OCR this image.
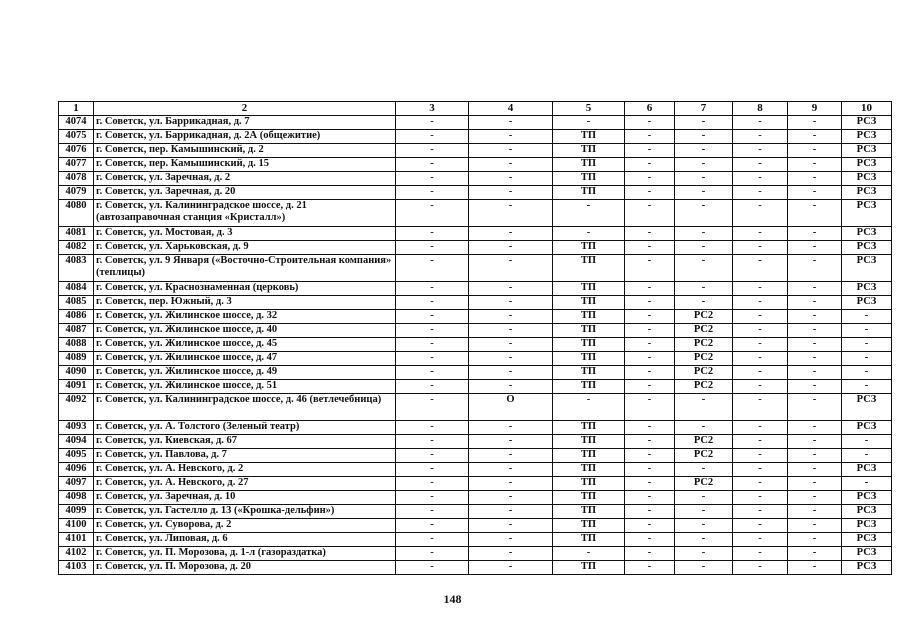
1	2	3	4	5	6	7	8	9	10
4074	г. Советск, ул. Баррикадная, д. 7	-	-	-	-	-	-	-	РСЗ
4075	г. Советск, ул. Баррикадная, д. 2А (общежитие)	-	-	ТП	-	-	-	-	РСЗ
4076	г. Советск, пер. Камышинский, д. 2	-	-	ТП	-	-	-	-	РСЗ
4077	г. Советск, пер. Камышинский, д. 15	-	-	ТП	-	-	-	-	РСЗ
4078	г. Советск, ул. Заречная, д. 2	-	-	ТП	-	-	-	-	РСЗ
4079	г. Советск, ул. Заречная, д. 20	-	-	ТП	-	-	-	-	РСЗ
4080	г. Советск, ул. Калининградское шоссе, д. 21 (автозаправочная станция «Кристалл»)	-	-	-	-	-	-	-	РСЗ
4081	г. Советск, ул. Мостовая, д. 3	-	-	-	-	-	-	-	РСЗ
4082	г. Советск, ул. Харьковская, д. 9	-	-	ТП	-	-	-	-	РСЗ
4083	г. Советск, ул. 9 Января («Восточно-Строительная компания» (теплицы)	-	-	ТП	-	-	-	-	РСЗ
4084	г. Советск, ул. Краснознаменная (церковь)	-	-	ТП	-	-	-	-	РСЗ
4085	г. Советск, пер. Южный, д. 3	-	-	ТП	-	-	-	-	РСЗ
4086	г. Советск, ул. Жилинское шоссе, д. 32	-	-	ТП	-	РС2	-	-	-
4087	г. Советск, ул. Жилинское шоссе, д. 40	-	-	ТП	-	РС2	-	-	-
4088	г. Советск, ул. Жилинское шоссе, д. 45	-	-	ТП	-	РС2	-	-	-
4089	г. Советск, ул. Жилинское шоссе, д. 47	-	-	ТП	-	РС2	-	-	-
4090	г. Советск, ул. Жилинское шоссе, д. 49	-	-	ТП	-	РС2	-	-	-
4091	г. Советск, ул. Жилинское шоссе, д. 51	-	-	ТП	-	РС2	-	-	-
4092	г. Советск, ул. Калининградское шоссе, д. 46 (ветлечебница)	-	О	-	-	-	-	-	РСЗ
4093	г. Советск, ул. А. Толстого (Зеленый театр)	-	-	ТП	-	-	-	-	РСЗ
4094	г. Советск, ул. Киевская, д. 67	-	-	ТП	-	РС2	-	-	-
4095	г. Советск, ул. Павлова, д. 7	-	-	ТП	-	РС2	-	-	-
4096	г. Советск, ул. А. Невского, д. 2	-	-	ТП	-	-	-	-	РСЗ
4097	г. Советск, ул. А. Невского, д. 27	-	-	ТП	-	РС2	-	-	-
4098	г. Советск, ул. Заречная, д. 10	-	-	ТП	-	-	-	-	РСЗ
4099	г. Советск, ул. Гастелло д. 13 («Крошка-дельфин»)	-	-	ТП	-	-	-	-	РСЗ
4100	г. Советск, ул. Суворова, д. 2	-	-	ТП	-	-	-	-	РСЗ
4101	г. Советск, ул. Липовая, д. 6	-	-	ТП	-	-	-	-	РСЗ
4102	г. Советск, ул. П. Морозова, д. 1-л (газораздатка)	-	-	-	-	-	-	-	РСЗ
4103	г. Советск, ул. П. Морозова, д. 20	-	-	ТП	-	-	-	-	РСЗ
148
